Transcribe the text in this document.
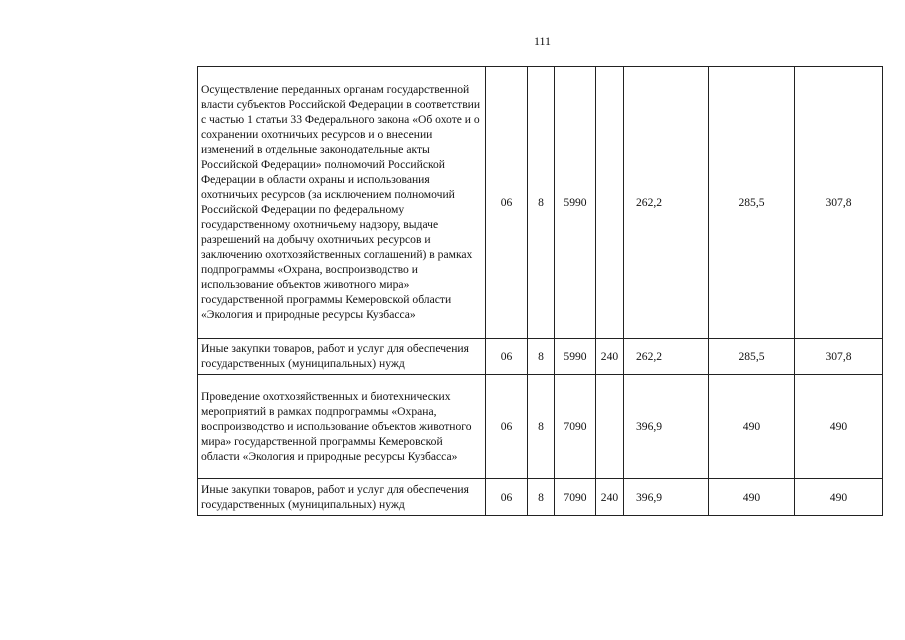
111
Осуществление переданных органам государственной власти субъектов Российской Федерации в соответствии с частью 1 статьи 33 Федерального закона «Об охоте и о сохранении охотничьих ресурсов и о внесении изменений в отдельные законодательные акты Российской Федерации» полномочий Российской Федерации в области охраны и использования охотничьих ресурсов (за исключением полномочий Российской Федерации по федеральному государственному охотничьему надзору, выдаче разрешений на добычу охотничьих ресурсов и заключению охотхозяйственных соглашений) в рамках подпрограммы «Охрана, воспроизводство и использование объектов животного мира» государственной программы Кемеровской области «Экология и природные ресурсы Кузбасса»	06	8	5990		262,2	285,5	307,8
Иные закупки товаров, работ и услуг для обеспечения государственных (муниципальных) нужд	06	8	5990	240	262,2	285,5	307,8
Проведение охотхозяйственных и биотехнических мероприятий в рамках подпрограммы «Охрана, воспроизводство и использование объектов животного мира» государственной программы Кемеровской области «Экология и природные ресурсы Кузбасса»	06	8	7090		396,9	490	490
Иные закупки товаров, работ и услуг для обеспечения государственных (муниципальных) нужд	06	8	7090	240	396,9	490	490
